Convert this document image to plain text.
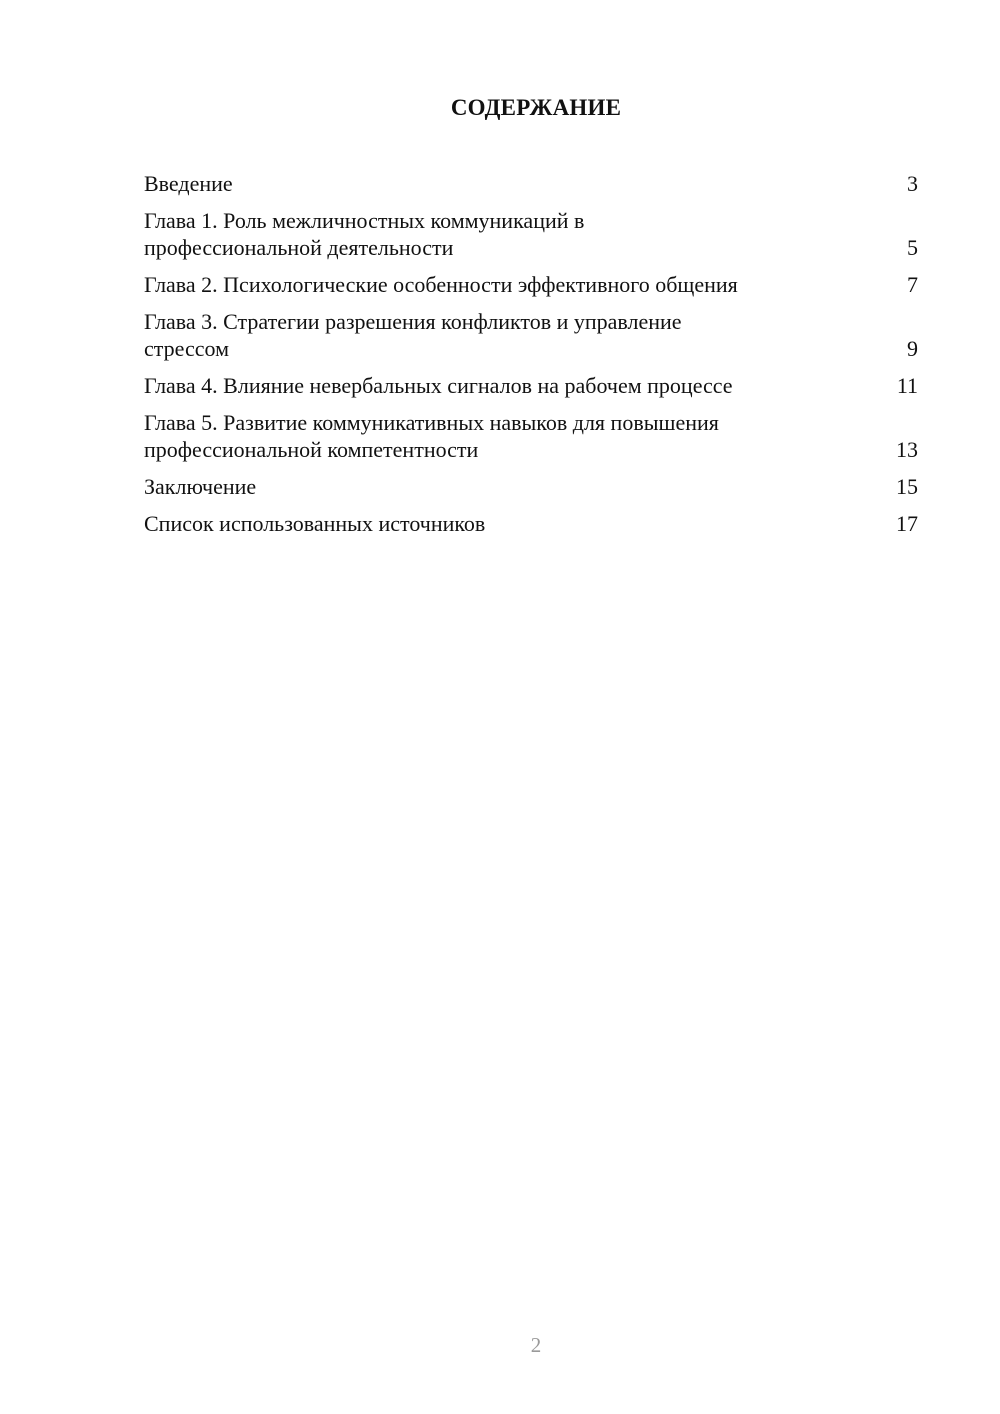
СОДЕРЖАНИЕ
Введение	3
Глава 1. Роль межличностных коммуникаций в
профессиональной деятельности	5
Глава 2. Психологические особенности эффективного общения	7
Глава 3. Стратегии разрешения конфликтов и управление
стрессом	9
Глава 4. Влияние невербальных сигналов на рабочем процессе	11
Глава 5. Развитие коммуникативных навыков для повышения
профессиональной компетентности	13
Заключение	15
Список использованных источников	17
2
